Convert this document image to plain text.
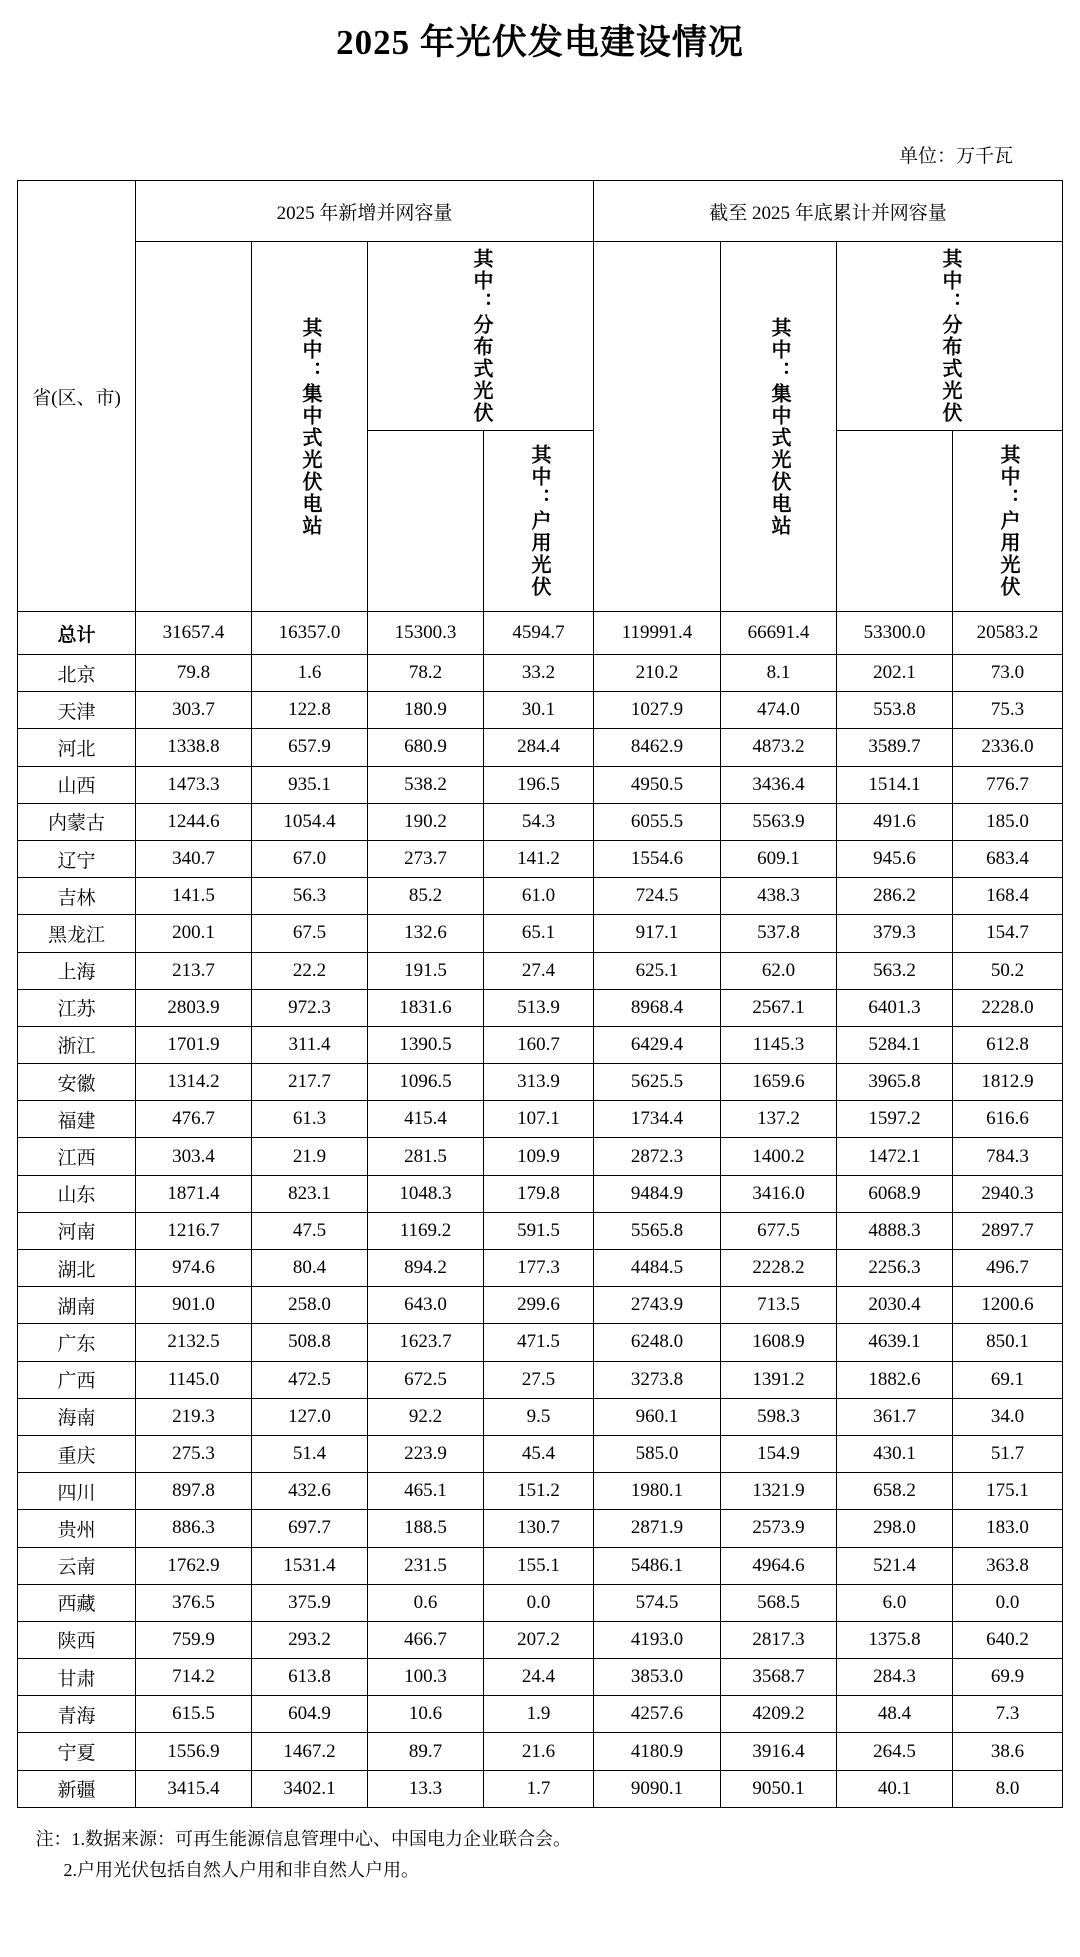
2025 年光伏发电建设情况
单位：万千瓦
省(区、市)	2025 年新增并网容量				截至 2025 年底累计并网容量			

		其中：集中式光伏电站	其中：分布式光伏			其中：集中式光伏电站	其中：分布式光伏	

				其中：户用光伏				其中：户用光伏

总计	31657.4	16357.0	15300.3	4594.7	119991.4	66691.4	53300.0	20583.2
北京	79.8	1.6	78.2	33.2	210.2	8.1	202.1	73.0
天津	303.7	122.8	180.9	30.1	1027.9	474.0	553.8	75.3
河北	1338.8	657.9	680.9	284.4	8462.9	4873.2	3589.7	2336.0
山西	1473.3	935.1	538.2	196.5	4950.5	3436.4	1514.1	776.7
内蒙古	1244.6	1054.4	190.2	54.3	6055.5	5563.9	491.6	185.0
辽宁	340.7	67.0	273.7	141.2	1554.6	609.1	945.6	683.4
吉林	141.5	56.3	85.2	61.0	724.5	438.3	286.2	168.4
黑龙江	200.1	67.5	132.6	65.1	917.1	537.8	379.3	154.7
上海	213.7	22.2	191.5	27.4	625.1	62.0	563.2	50.2
江苏	2803.9	972.3	1831.6	513.9	8968.4	2567.1	6401.3	2228.0
浙江	1701.9	311.4	1390.5	160.7	6429.4	1145.3	5284.1	612.8
安徽	1314.2	217.7	1096.5	313.9	5625.5	1659.6	3965.8	1812.9
福建	476.7	61.3	415.4	107.1	1734.4	137.2	1597.2	616.6
江西	303.4	21.9	281.5	109.9	2872.3	1400.2	1472.1	784.3
山东	1871.4	823.1	1048.3	179.8	9484.9	3416.0	6068.9	2940.3
河南	1216.7	47.5	1169.2	591.5	5565.8	677.5	4888.3	2897.7
湖北	974.6	80.4	894.2	177.3	4484.5	2228.2	2256.3	496.7
湖南	901.0	258.0	643.0	299.6	2743.9	713.5	2030.4	1200.6
广东	2132.5	508.8	1623.7	471.5	6248.0	1608.9	4639.1	850.1
广西	1145.0	472.5	672.5	27.5	3273.8	1391.2	1882.6	69.1
海南	219.3	127.0	92.2	9.5	960.1	598.3	361.7	34.0
重庆	275.3	51.4	223.9	45.4	585.0	154.9	430.1	51.7
四川	897.8	432.6	465.1	151.2	1980.1	1321.9	658.2	175.1
贵州	886.3	697.7	188.5	130.7	2871.9	2573.9	298.0	183.0
云南	1762.9	1531.4	231.5	155.1	5486.1	4964.6	521.4	363.8
西藏	376.5	375.9	0.6	0.0	574.5	568.5	6.0	0.0
陕西	759.9	293.2	466.7	207.2	4193.0	2817.3	1375.8	640.2
甘肃	714.2	613.8	100.3	24.4	3853.0	3568.7	284.3	69.9
青海	615.5	604.9	10.6	1.9	4257.6	4209.2	48.4	7.3
宁夏	1556.9	1467.2	89.7	21.6	4180.9	3916.4	264.5	38.6
新疆	3415.4	3402.1	13.3	1.7	9090.1	9050.1	40.1	8.0
注：1.数据来源：可再生能源信息管理中心、中国电力企业联合会。
2.户用光伏包括自然人户用和非自然人户用。
